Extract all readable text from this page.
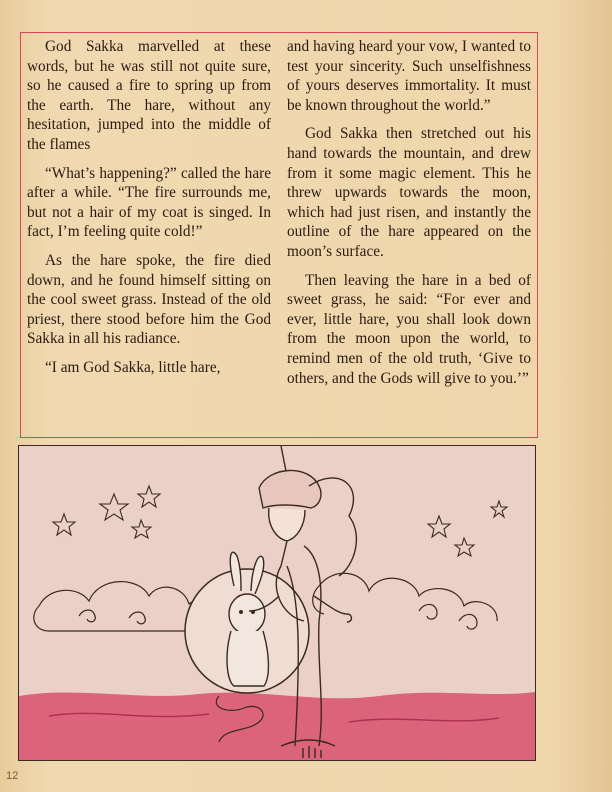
God Sakka marvelled at these words, but he was still not quite sure, so he caused a fire to spring up from the earth. The hare, without any hesitation, jumped into the middle of the flames

“What’s happening?” called the hare after a while. “The fire surrounds me, but not a hair of my coat is singed. In fact, I’m feeling quite cold!”

As the hare spoke, the fire died down, and he found himself sitting on the cool sweet grass. Instead of the old priest, there stood before him the God Sakka in all his radiance.

“I am God Sakka, little hare,

and having heard your vow, I wanted to test your sincerity. Such unselfishness of yours deserves immortality. It must be known throughout the world.”

God Sakka then stretched out his hand towards the mountain, and drew from it some magic element. This he threw upwards towards the moon, which had just risen, and instantly the outline of the hare appeared on the moon’s surface.

Then leaving the hare in a bed of sweet grass, he said: “For ever and ever, little hare, you shall look down from the moon upon the world, to remind men of the old truth, ‘Give to others, and the Gods will give to you.’”

12
